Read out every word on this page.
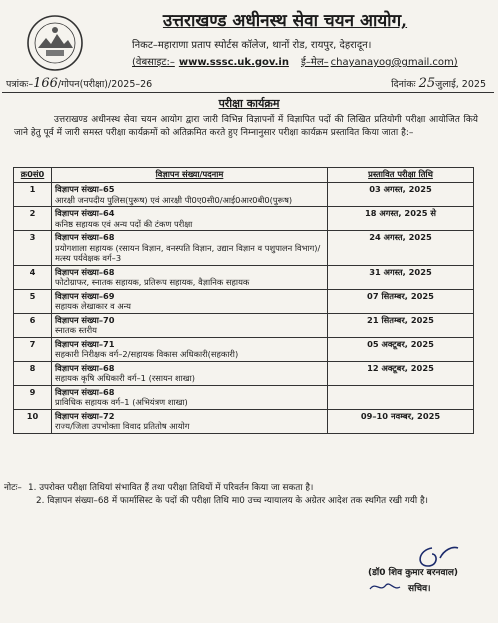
उत्तराखण्ड अधीनस्थ सेवा चयन आयोग,
निकट–महाराणा प्रताप स्पोर्टस कॉलेज, थानों रोड, रायपुर, देहरादून।
(वेबसाइट:– www.sssc.uk.gov.in ई–मेल– chayanayog@gmail.com)
पत्रांकः–166/गोपन(परीक्षा)/2025–26	दिनांकः 25जुलाई, 2025
परीक्षा कार्यक्रम
उत्तराखण्ड अधीनस्थ सेवा चयन आयोग द्वारा जारी विभिन्न विज्ञापनों में विज्ञापित पदों की लिखित प्रतियोगी परीक्षा आयोजित किये जाने हेतु पूर्व में जारी समस्त परीक्षा कार्यक्रमों को अतिक्रमित करते हुए निम्नानुसार परीक्षा कार्यक्रम प्रस्तावित किया जाता है:–
क्र0सं0	विज्ञापन संख्या/पदनाम	प्रस्तावित परीक्षा तिथि
1	विज्ञापन संख्या–65
आरक्षी जनपदीय पुलिस(पुरूष) एवं आरक्षी पी0ए0सी0/आई0आर0बी0(पुरूष)	03 अगस्त, 2025
2	विज्ञापन संख्या–64
कनिष्ठ सहायक एवं अन्य पदों की टंकण परीक्षा	18 अगस्त, 2025 से
3	विज्ञापन संख्या–68
प्रयोगशाला सहायक (रसायन विज्ञान, वनस्पति विज्ञान, उद्यान विज्ञान व पशुपालन विभाग)/मत्स्य पर्यवेक्षक वर्ग–3	24 अगस्त, 2025
4	विज्ञापन संख्या–68
फोटोग्राफर, स्नातक सहायक, प्रतिरूप सहायक, वैज्ञानिक सहायक	31 अगस्त, 2025
5	विज्ञापन संख्या–69
सहायक लेखाकार व अन्य	07 सितम्बर, 2025
6	विज्ञापन संख्या–70
स्नातक स्तरीय	21 सितम्बर, 2025
7	विज्ञापन संख्या–71
सहकारी निरीक्षक वर्ग–2/सहायक विकास अधिकारी(सहकारी)	05 अक्टूबर, 2025
8	विज्ञापन संख्या–68
सहायक कृषि अधिकारी वर्ग–1 (रसायन शाखा)	12 अक्टूबर, 2025
9	विज्ञापन संख्या–68
प्राविधिक सहायक वर्ग–1 (अभियंत्रण शाखा)	
10	विज्ञापन संख्या–72
राज्य/जिला उपभोक्ता विवाद प्रतितोष आयोग	09–10 नवम्बर, 2025
नोटः– 1. उपरोक्त परीक्षा तिथियां संभावित हैं तथा परीक्षा तिथियों में परिवर्तन किया जा सकता है।
2. विज्ञापन संख्या–68 में फार्मासिस्ट के पदों की परीक्षा तिथि मा0 उच्च न्यायालय के अग्रेतर आदेश तक स्थगित रखी गयी है।
(डॉ0 शिव कुमार बरनवाल)
सचिव।
